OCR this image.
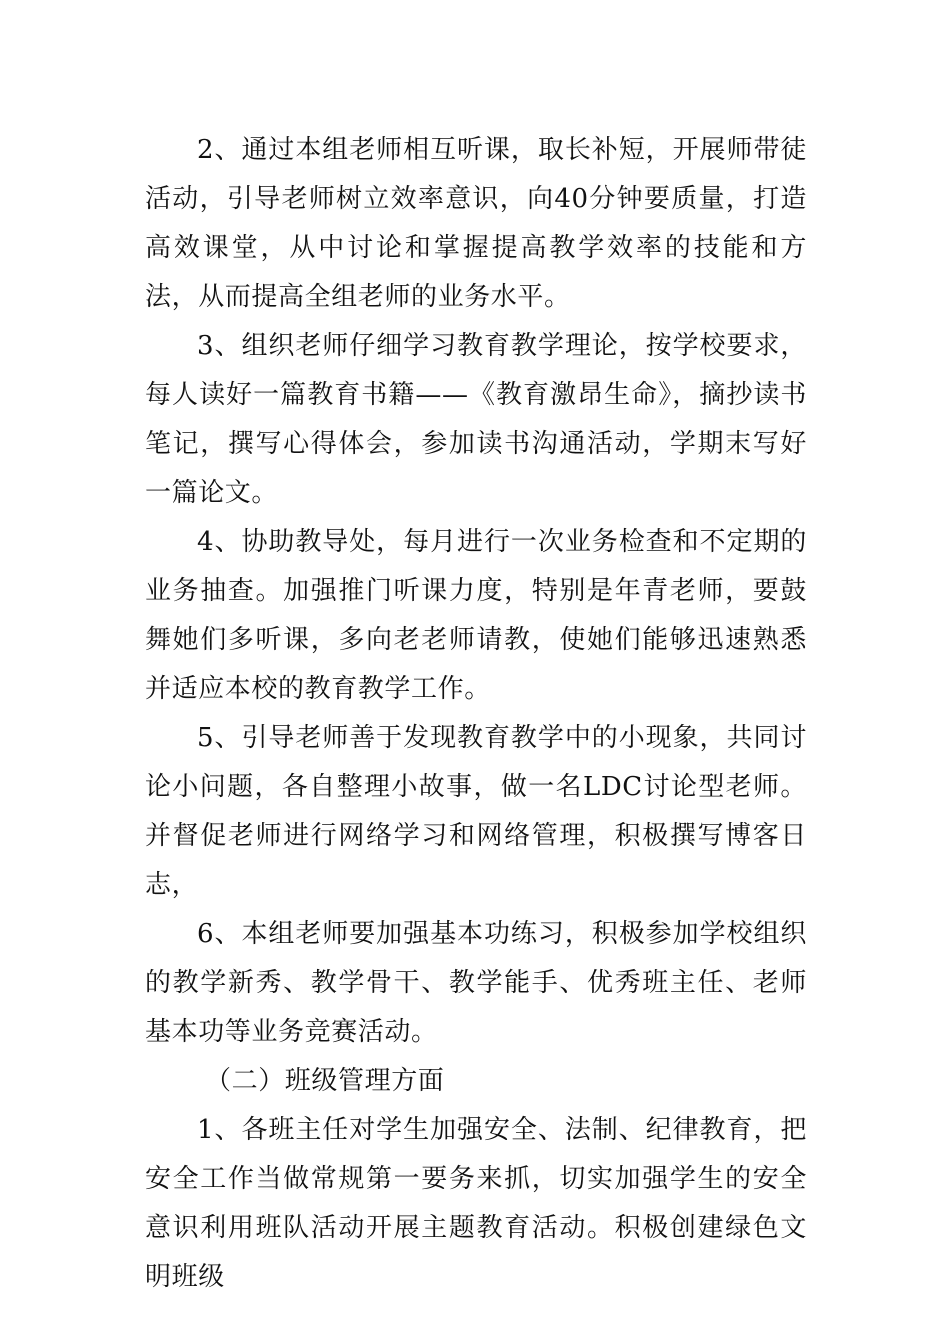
2、通过本组老师相互听课，取长补短，开展师带徒活动，引导老师树立效率意识，向40分钟要质量，打造高效课堂，从中讨论和掌握提高教学效率的技能和方法，从而提高全组老师的业务水平。

3、组织老师仔细学习教育教学理论，按学校要求，每人读好一篇教育书籍——《教育激昂生命》，摘抄读书笔记，撰写心得体会，参加读书沟通活动，学期末写好一篇论文。

4、协助教导处，每月进行一次业务检查和不定期的业务抽查。加强推门听课力度，特别是年青老师，要鼓舞她们多听课，多向老老师请教，使她们能够迅速熟悉并适应本校的教育教学工作。

5、引导老师善于发现教育教学中的小现象，共同讨论小问题，各自整理小故事，做一名LDC讨论型老师。并督促老师进行网络学习和网络管理，积极撰写博客日志，

6、本组老师要加强基本功练习，积极参加学校组织的教学新秀、教学骨干、教学能手、优秀班主任、老师基本功等业务竞赛活动。

（二）班级管理方面

1、各班主任对学生加强安全、法制、纪律教育，把安全工作当做常规第一要务来抓，切实加强学生的安全意识利用班队活动开展主题教育活动。积极创建绿色文明班级
